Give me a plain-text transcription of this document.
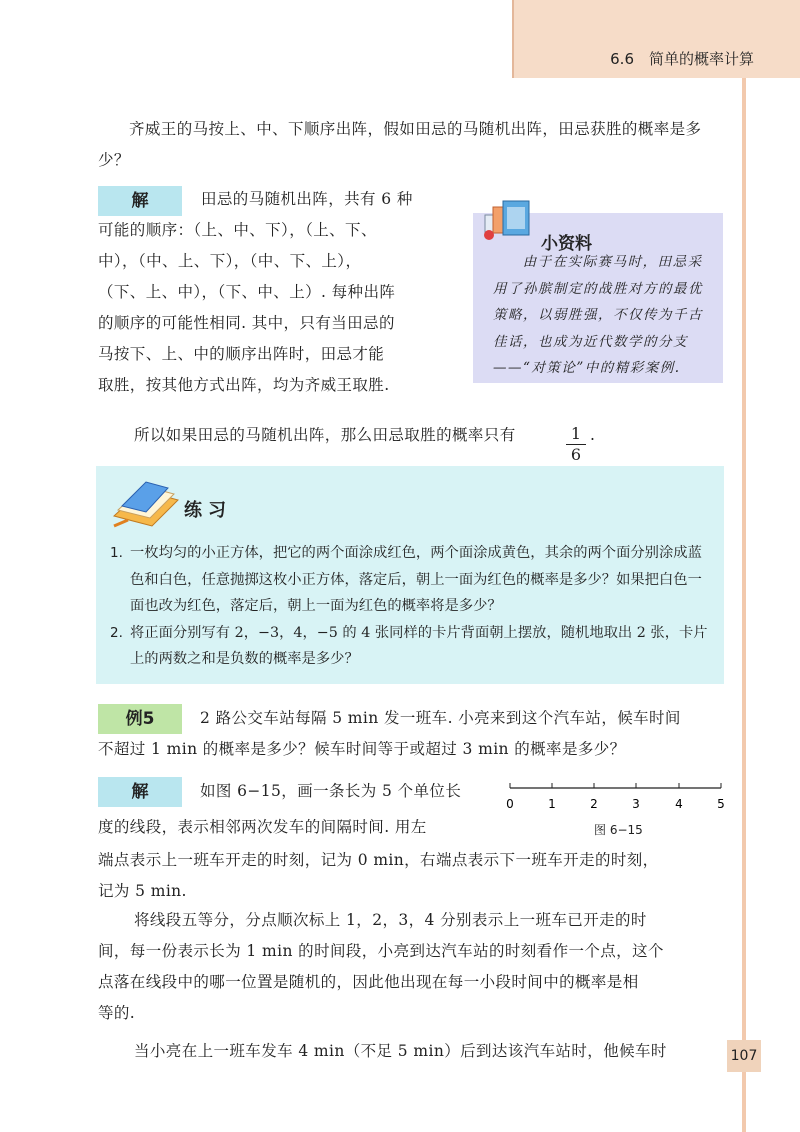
6.6　简单的概率计算
齐威王的马按上、中、下顺序出阵，假如田忌的马随机出阵，田忌获胜的概率是多少？
解	田忌的马随机出阵，共有 6 种
可能的顺序：（上、中、下），（上、下、
中），（中、上、下），（中、下、上），
（下、上、中），（下、中、上）. 每种出阵
的顺序的可能性相同. 其中，只有当田忌的
马按下、上、中的顺序出阵时，田忌才能
取胜，按其他方式出阵，均为齐威王取胜.
小资料
由于在实际赛马时，田忌采用了孙膑制定的战胜对方的最优策略，以弱胜强，不仅传为千古佳话，也成为近代数学的分支——“对策论”中的精彩案例.
所以如果田忌的马随机出阵，那么田忌取胜的概率只有	$\frac{1}{6}$ .
练习
1. 一枚均匀的小正方体，把它的两个面涂成红色，两个面涂成黄色，其余的两个面分别涂成蓝色和白色，任意抛掷这枚小正方体，落定后，朝上一面为红色的概率是多少？如果把白色一面也改为红色，落定后，朝上一面为红色的概率将是多少？
2. 将正面分别写有 2，−3，4，−5 的 4 张同样的卡片背面朝上摆放，随机地取出 2 张，卡片上的两数之和是负数的概率是多少？
例5	2 路公交车站每隔 5 min 发一班车. 小亮来到这个汽车站，候车时间
不超过 1 min 的概率是多少？候车时间等于或超过 3 min 的概率是多少？
解	如图 6−15，画一条长为 5 个单位长
度的线段，表示相邻两次发车的间隔时间. 用左
端点表示上一班车开走的时刻，记为 0 min，右端点表示下一班车开走的时刻，
记为 5 min.
0	1	2	3	4	5
图 6−15
将线段五等分，分点顺次标上 1，2，3，4 分别表示上一班车已开走的时
间，每一份表示长为 1 min 的时间段，小亮到达汽车站的时刻看作一个点，这个
点落在线段中的哪一位置是随机的，因此他出现在每一小段时间中的概率是相
等的.
当小亮在上一班车发车 4 min（不足 5 min）后到达该汽车站时，他候车时	107
